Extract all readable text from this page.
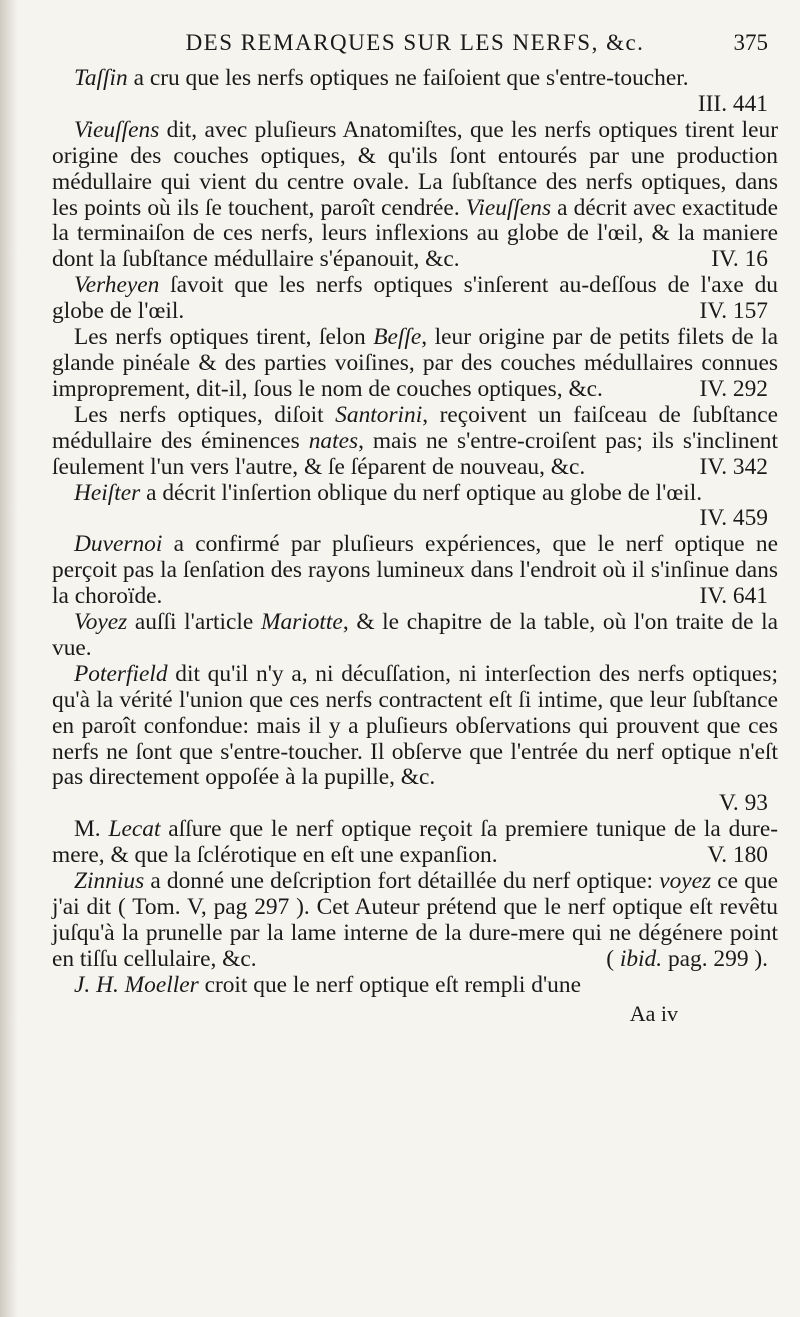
DES REMARQUES SUR LES NERFS, &c.	375

Taſſin a cru que les nerfs optiques ne faiſoient que s'entre-toucher.
III. 441

Vieuſſens dit, avec pluſieurs Anatomiſtes, que les nerfs optiques tirent leur origine des couches optiques, & qu'ils ſont entourés par une production médullaire qui vient du centre ovale. La ſubſtance des nerfs optiques, dans les points où ils ſe touchent, paroît cendrée. Vieuſſens a décrit avec exactitude la terminaiſon de ces nerfs, leurs inflexions au globe de l'œil, & la maniere dont la ſubſtance médullaire s'épanouit, &c.	IV. 16

Verheyen ſavoit que les nerfs optiques s'inſerent au-deſſous de l'axe du globe de l'œil.	IV. 157

Les nerfs optiques tirent, ſelon Beſſe, leur origine par de petits filets de la glande pinéale & des parties voiſines, par des couches médullaires connues improprement, dit-il, ſous le nom de couches optiques, &c.	IV. 292

Les nerfs optiques, diſoit Santorini, reçoivent un faiſceau de ſubſtance médullaire des éminences nates, mais ne s'entre-croiſent pas; ils s'inclinent ſeulement l'un vers l'autre, & ſe ſéparent de nouveau, &c.	IV. 342

Heiſter a décrit l'inſertion oblique du nerf optique au globe de l'œil.
IV. 459

Duvernoi a confirmé par pluſieurs expériences, que le nerf optique ne perçoit pas la ſenſation des rayons lumineux dans l'endroit où il s'inſinue dans la choroïde.	IV. 641

Voyez auſſi l'article Mariotte, & le chapitre de la table, où l'on traite de la vue.

Poterfield dit qu'il n'y a, ni décuſſation, ni interſection des nerfs optiques; qu'à la vérité l'union que ces nerfs contractent eſt ſi intime, que leur ſubſtance en paroît confondue: mais il y a pluſieurs obſervations qui prouvent que ces nerfs ne ſont que s'entre-toucher. Il obſerve que l'entrée du nerf optique n'eſt pas directement oppoſée à la pupille, &c.
V. 93

M. Lecat aſſure que le nerf optique reçoit ſa premiere tunique de la dure-mere, & que la ſclérotique en eſt une expanſion.	V. 180

Zinnius a donné une deſcription fort détaillée du nerf optique: voyez ce que j'ai dit ( Tom. V, pag 297 ). Cet Auteur prétend que le nerf optique eſt revêtu juſqu'à la prunelle par la lame interne de la dure-mere qui ne dégénere point en tiſſu cellulaire, &c.	( ibid. pag. 299 ).

J. H. Moeller croit que le nerf optique eſt rempli d'une

Aa iv
